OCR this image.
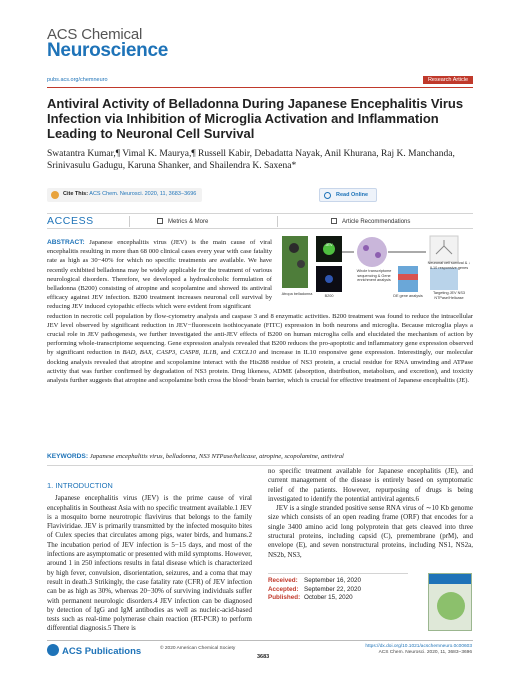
ACS Chemical
Neuroscience
pubs.acs.org/chemneuro	Research Article
Antiviral Activity of Belladonna During Japanese Encephalitis Virus Infection via Inhibition of Microglia Activation and Inflammation Leading to Neuronal Cell Survival
Swatantra Kumar,¶ Vimal K. Maurya,¶ Russell Kabir, Debadatta Nayak, Anil Khurana, Raj K. Manchanda, Srinivasulu Gadugu, Karuna Shanker, and Shailendra K. Saxena*
Cite This: ACS Chem. Neurosci. 2020, 11, 3683−3696	Read Online
ACCESS	Metrics & More	Article Recommendations
JEV
Atropa belladonna	B200
Whole transcriptome sequencing & Gene enrichment analysis
DE gene analysis
Neuronal cell survival & ↓ IL10 responsive genes
Targeting JEV NS3 NTPase/Helicase
ABSTRACT: Japanese encephalitis virus (JEV) is the main cause of viral encephalitis resulting in more than 68 000 clinical cases every year with case fatality rate as high as 30−40% for which no specific treatments are available. We have recently exhibited belladonna may be widely applicable for the treatment of various neurological disorders. Therefore, we developed a hydroalcoholic formulation of belladonna (B200) consisting of atropine and scopolamine and showed its antiviral efficacy against JEV infection. B200 treatment increases neuronal cell survival by reducing JEV induced cytopathic effects which were evident from significant
reduction in necrotic cell population by flow-cytometry analysis and caspase 3 and 8 enzymatic activities. B200 treatment was found to reduce the intracellular JEV level observed by significant reduction in JEV−fluorescein isothiocyanate (FITC) expression in both neurons and microglia. Because microglia plays a crucial role in JEV pathogenesis, we further investigated the anti-JEV effects of B200 on human microglia cells and elucidated the mechanism of action by performing whole-transcriptome sequencing. Gene expression analysis revealed that B200 reduces the pro-apoptotic and inflammatory gene expression observed by significant reduction in BAD, BAX, CASP3, CASP8, IL1B, and CXCL10 and increase in IL10 responsive gene expression. Interestingly, our molecular docking analysis revealed that atropine and scopolamine interact with the His288 residue of NS3 protein, a crucial residue for RNA unwinding and ATPase activity that was further confirmed by degradation of NS3 protein. Drug likeness, ADME (absorption, distribution, metabolism, and excretion), and toxicity analysis further suggests that atropine and scopolamine both cross the blood−brain barrier, which is crucial for effective treatment of Japanese encephalitis (JE).
KEYWORDS: Japanese encephalitis virus, belladonna, NS3 NTPase/helicase, atropine, scopolamine, antiviral
1. INTRODUCTION

Japanese encephalitis virus (JEV) is the prime cause of viral encephalitis in Southeast Asia with no specific treatment available.1 JEV is a mosquito borne neurotropic flavivirus that belongs to the family Flaviviridae. JEV is primarily transmitted by the infected mosquito bites of Culex species that circulates among pigs, water birds, and humans.2 The incubation period of JEV infection is 5−15 days, and most of the infections are asymptomatic or presented with mild symptoms. However, around 1 in 250 infections results in fatal disease which is characterized by high fever, convulsion, disorientation, seizures, and a coma that may result in death.3 Strikingly, the case fatality rate (CFR) of JEV infection can be as high as 30%, whereas 20−30% of surviving individuals suffer with permanent neurologic disorders.4 JEV infection can be diagnosed by detection of IgG and IgM antibodies as well as nucleic-acid-based tests such as real-time polymerase chain reaction (RT-PCR) to perform differential diagnosis.5 There is

no specific treatment available for Japanese encephalitis (JE), and current management of the disease is entirely based on symptomatic relief of the patients. However, repurposing of drugs is being investigated to identify the potential antiviral agents.6

JEV is a single stranded positive sense RNA virus of ∼10 Kb genome size which consists of an open reading frame (ORF) that encodes for a single 3400 amino acid long polyprotein that gets cleaved into three structural proteins, including capsid (C), premembrane (prM), and envelope (E), and seven nonstructural proteins, including NS1, NS2a, NS2b, NS3,

Received: September 16, 2020
Accepted: September 22, 2020
Published: October 15, 2020
ACS Publications	© 2020 American Chemical Society
3683
https://dx.doi.org/10.1021/acschemneuro.0c00603
ACS Chem. Neurosci. 2020, 11, 3683−3696
